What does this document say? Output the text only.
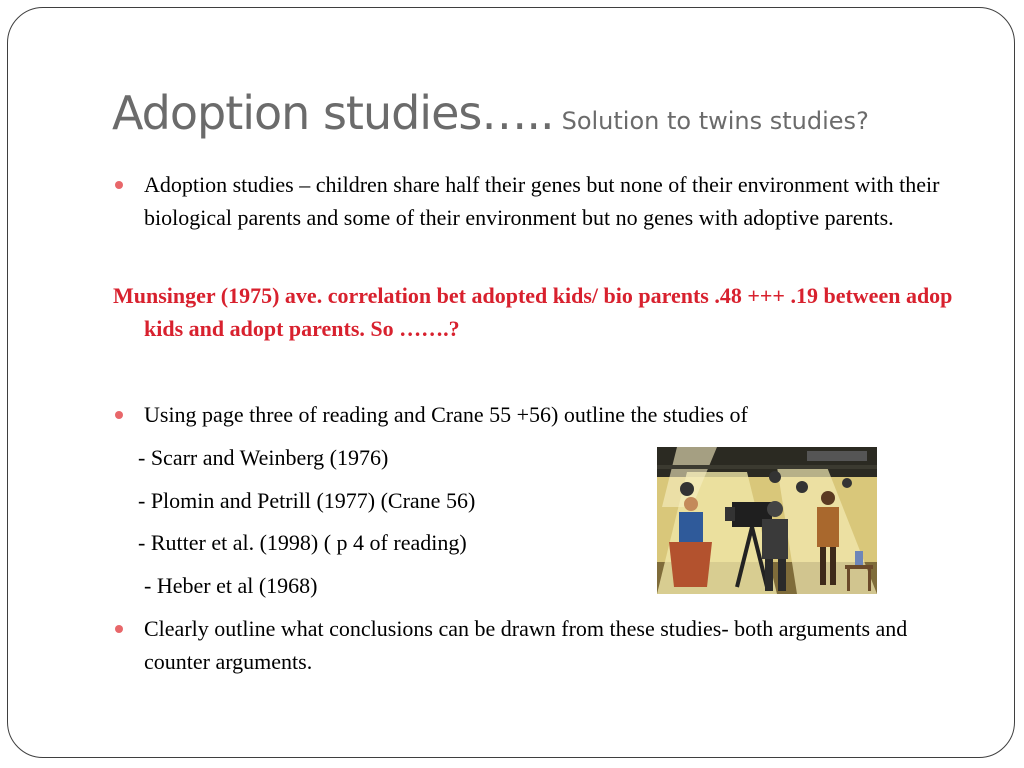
Adoption studies….. Solution to twins studies?
Adoption studies – children share half their genes but none of their environment with their biological parents and some of their environment but no genes with adoptive parents.
Munsinger (1975) ave. correlation bet adopted kids/ bio parents .48 +++ .19 between adop kids and adopt parents. So …….?
Using page three of reading and Crane 55 +56) outline the studies of
- Scarr and Weinberg (1976)
- Plomin and Petrill (1977) (Crane 56)
- Rutter et al. (1998) ( p 4 of reading)
- Heber et al (1968)
Clearly outline what conclusions can be drawn from these studies- both arguments and counter arguments.
